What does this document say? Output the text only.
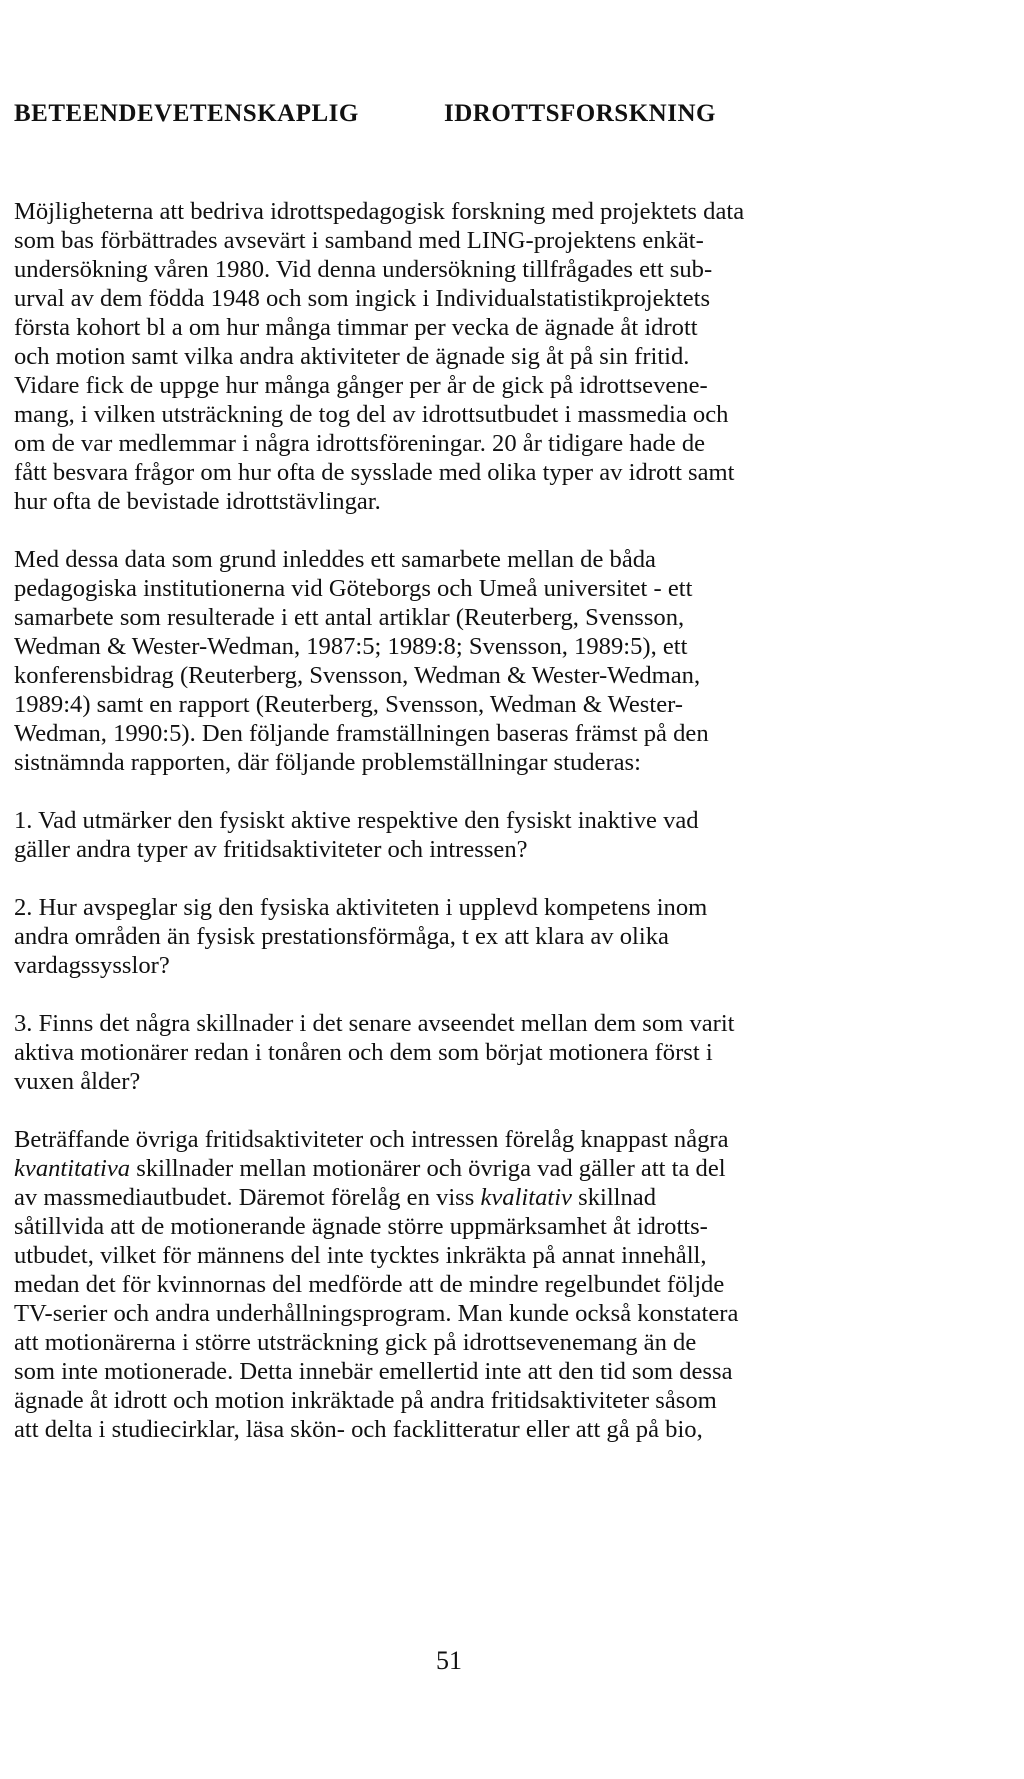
BETEENDEVETENSKAPLIG	IDROTTSFORSKNING
Möjligheterna att bedriva idrottspedagogisk forskning med projektets data
som bas förbättrades avsevärt i samband med LING-projektens enkät-
undersökning våren 1980. Vid denna undersökning tillfrågades ett sub-
urval av dem födda 1948 och som ingick i Individualstatistikprojektets
första kohort bl a om hur många timmar per vecka de ägnade åt idrott
och motion samt vilka andra aktiviteter de ägnade sig åt på sin fritid.
Vidare fick de uppge hur många gånger per år de gick på idrottsevene-
mang, i vilken utsträckning de tog del av idrottsutbudet i massmedia och
om de var medlemmar i några idrottsföreningar. 20 år tidigare hade de
fått besvara frågor om hur ofta de sysslade med olika typer av idrott samt
hur ofta de bevistade idrottstävlingar.
Med dessa data som grund inleddes ett samarbete mellan de båda
pedagogiska institutionerna vid Göteborgs och Umeå universitet - ett
samarbete som resulterade i ett antal artiklar (Reuterberg, Svensson,
Wedman & Wester-Wedman, 1987:5; 1989:8; Svensson, 1989:5), ett
konferensbidrag (Reuterberg, Svensson, Wedman & Wester-Wedman,
1989:4) samt en rapport (Reuterberg, Svensson, Wedman & Wester-
Wedman, 1990:5). Den följande framställningen baseras främst på den
sistnämnda rapporten, där följande problemställningar studeras:
1. Vad utmärker den fysiskt aktive respektive den fysiskt inaktive vad
gäller andra typer av fritidsaktiviteter och intressen?
2. Hur avspeglar sig den fysiska aktiviteten i upplevd kompetens inom
andra områden än fysisk prestationsförmåga, t ex att klara av olika
vardagssysslor?
3. Finns det några skillnader i det senare avseendet mellan dem som varit
aktiva motionärer redan i tonåren och dem som börjat motionera först i
vuxen ålder?
Beträffande övriga fritidsaktiviteter och intressen förelåg knappast några
kvantitativa skillnader mellan motionärer och övriga vad gäller att ta del
av massmediautbudet. Däremot förelåg en viss kvalitativ skillnad
såtillvida att de motionerande ägnade större uppmärksamhet åt idrotts-
utbudet, vilket för männens del inte tycktes inkräkta på annat innehåll,
medan det för kvinnornas del medförde att de mindre regelbundet följde
TV-serier och andra underhållningsprogram. Man kunde också konstatera
att motionärerna i större utsträckning gick på idrottsevenemang än de
som inte motionerade. Detta innebär emellertid inte att den tid som dessa
ägnade åt idrott och motion inkräktade på andra fritidsaktiviteter såsom
att delta i studiecirklar, läsa skön- och facklitteratur eller att gå på bio,
51
